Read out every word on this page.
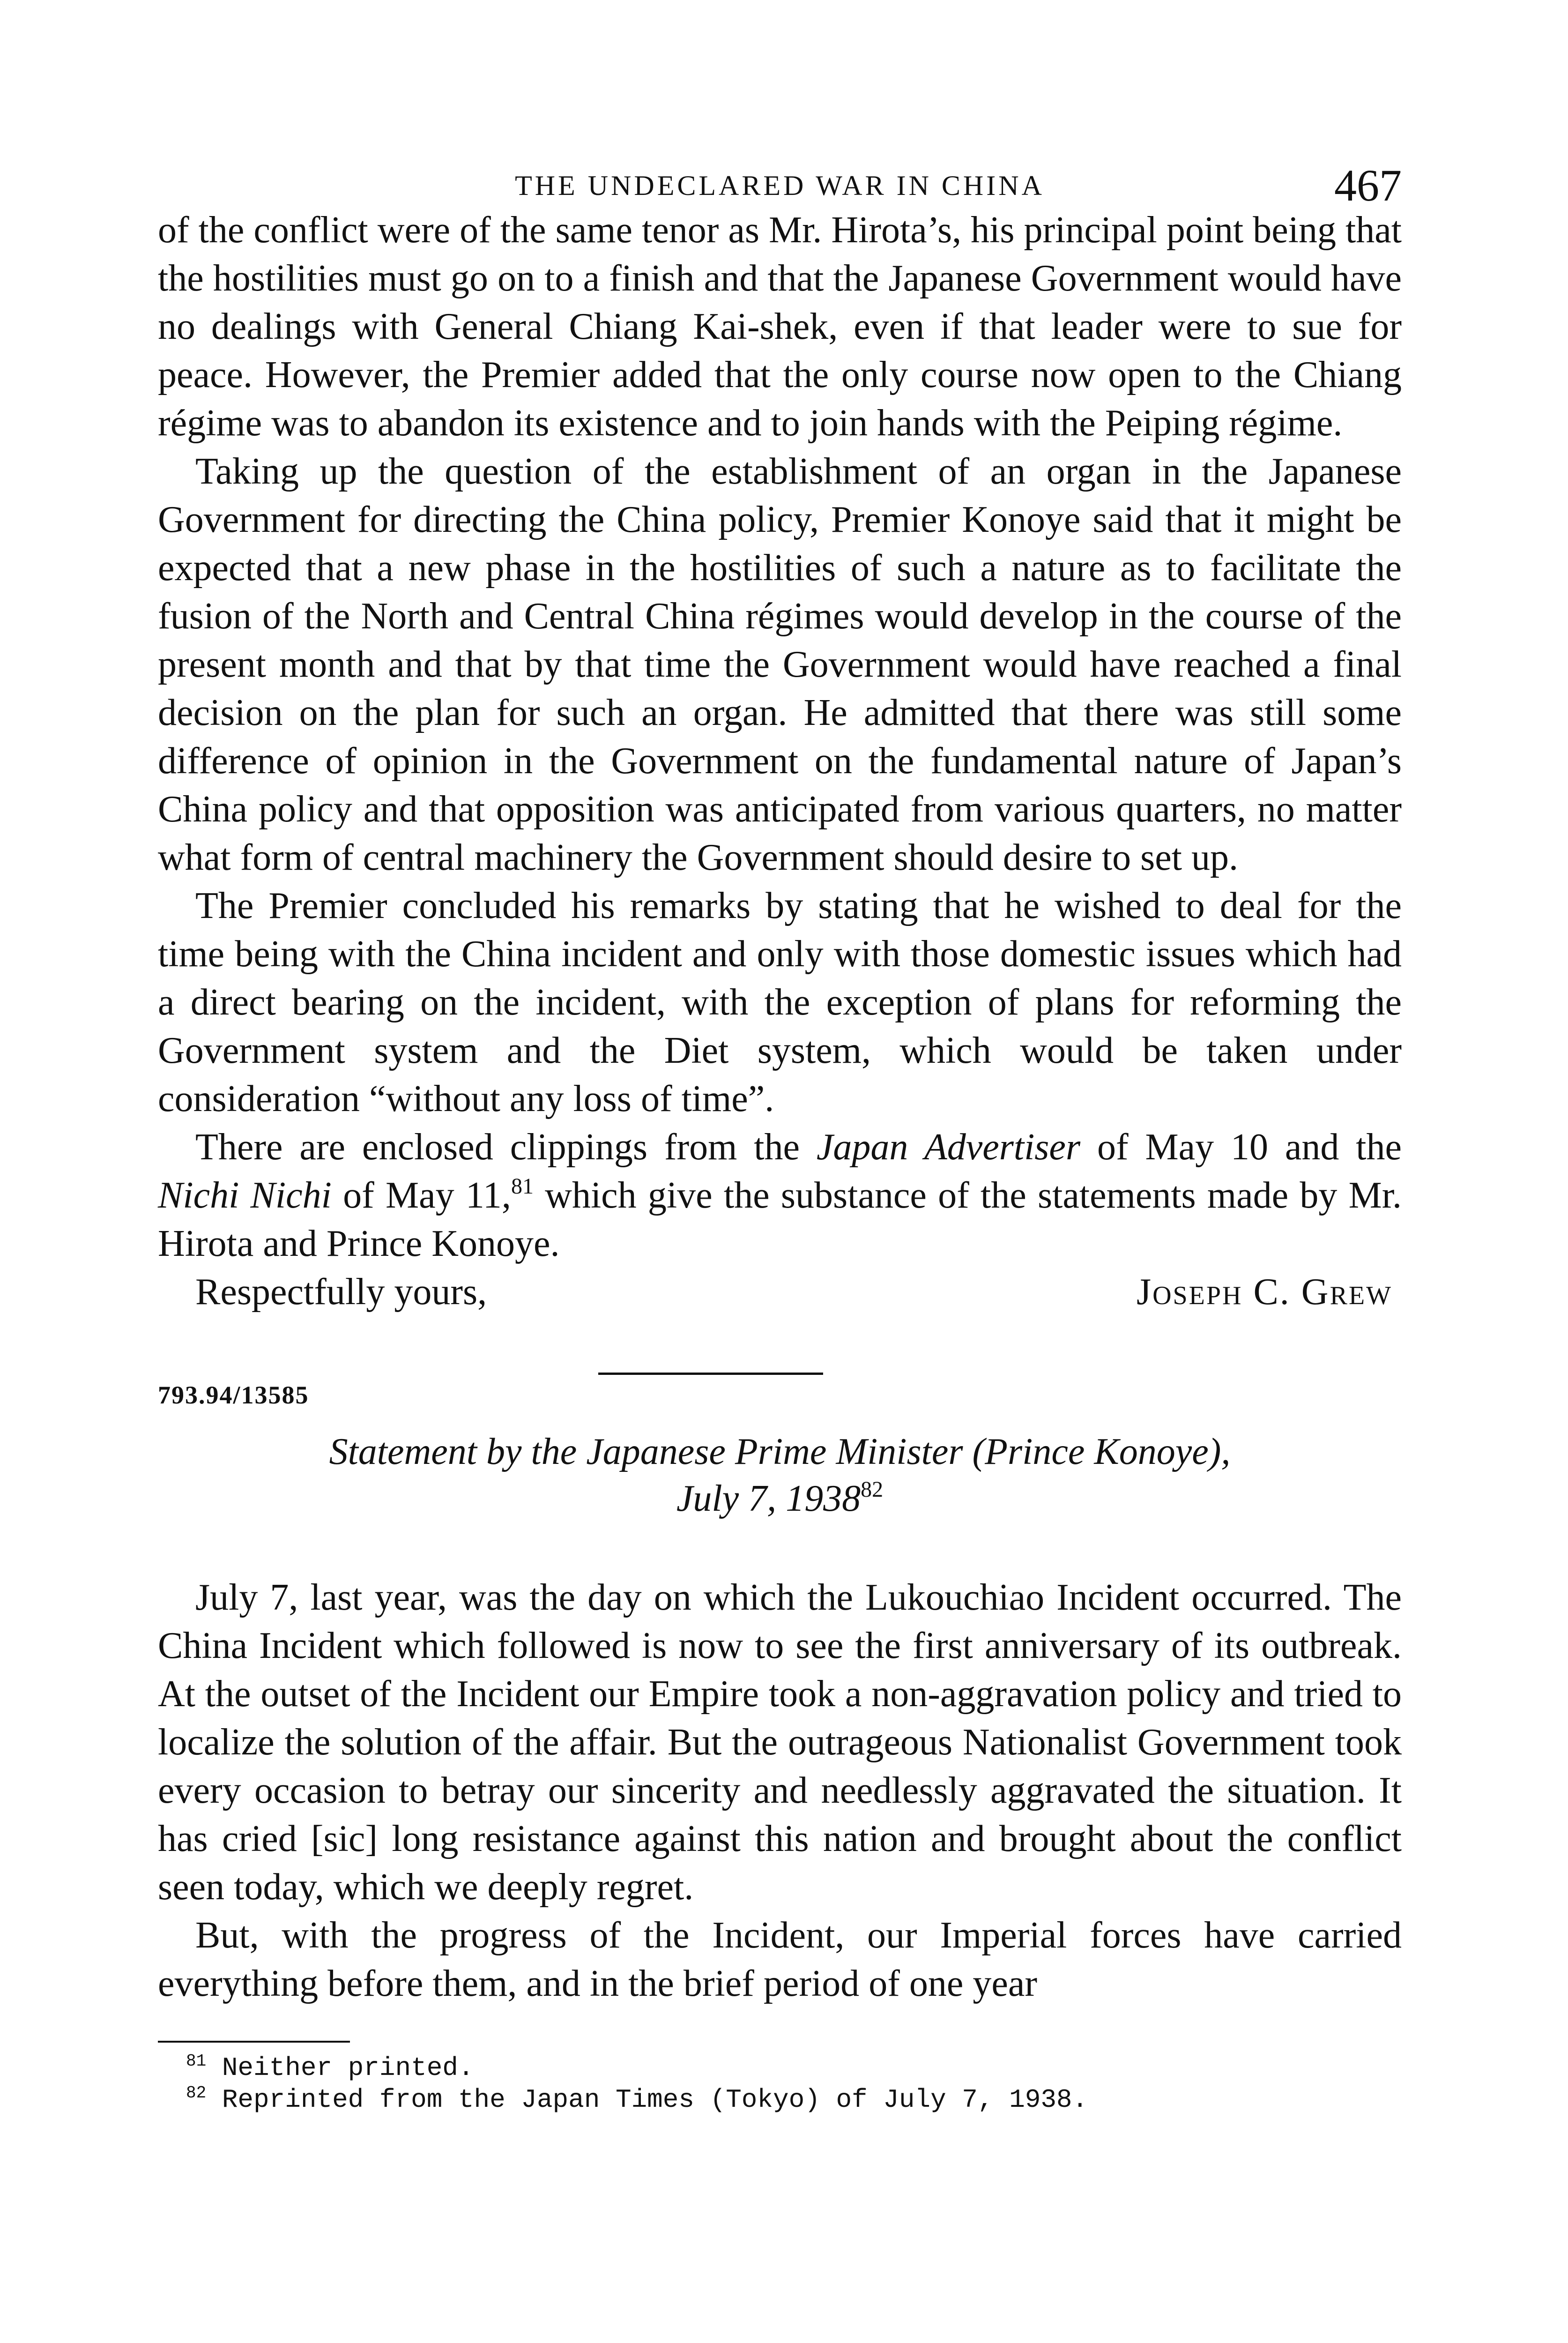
THE UNDECLARED WAR IN CHINA	467

of the conflict were of the same tenor as Mr. Hirota’s, his principal point being that the hostilities must go on to a finish and that the Japanese Government would have no dealings with General Chiang Kai-shek, even if that leader were to sue for peace. However, the Premier added that the only course now open to the Chiang régime was to abandon its existence and to join hands with the Peiping régime.

Taking up the question of the establishment of an organ in the Japanese Government for directing the China policy, Premier Konoye said that it might be expected that a new phase in the hostilities of such a nature as to facilitate the fusion of the North and Central China régimes would develop in the course of the present month and that by that time the Government would have reached a final decision on the plan for such an organ. He admitted that there was still some difference of opinion in the Government on the fundamental nature of Japan’s China policy and that opposition was anticipated from various quarters, no matter what form of central machinery the Government should desire to set up.

The Premier concluded his remarks by stating that he wished to deal for the time being with the China incident and only with those domestic issues which had a direct bearing on the incident, with the exception of plans for reforming the Government system and the Diet system, which would be taken under consideration “without any loss of time”.

There are enclosed clippings from the Japan Advertiser of May 10 and the Nichi Nichi of May 11,81 which give the substance of the statements made by Mr. Hirota and Prince Konoye.

Respectfully yours,	Joseph C. Grew
793.94/13585
Statement by the Japanese Prime Minister (Prince Konoye),
July 7, 1938$^{82}$

July 7, last year, was the day on which the Lukouchiao Incident occurred. The China Incident which followed is now to see the first anniversary of its outbreak. At the outset of the Incident our Empire took a non-aggravation policy and tried to localize the solution of the affair. But the outrageous Nationalist Government took every occasion to betray our sincerity and needlessly aggravated the situation. It has cried [sic] long resistance against this nation and brought about the conflict seen today, which we deeply regret.

But, with the progress of the Incident, our Imperial forces have carried everything before them, and in the brief period of one year

$^{81}$ Neither printed.
$^{82}$ Reprinted from the Japan Times (Tokyo) of July 7, 1938.
